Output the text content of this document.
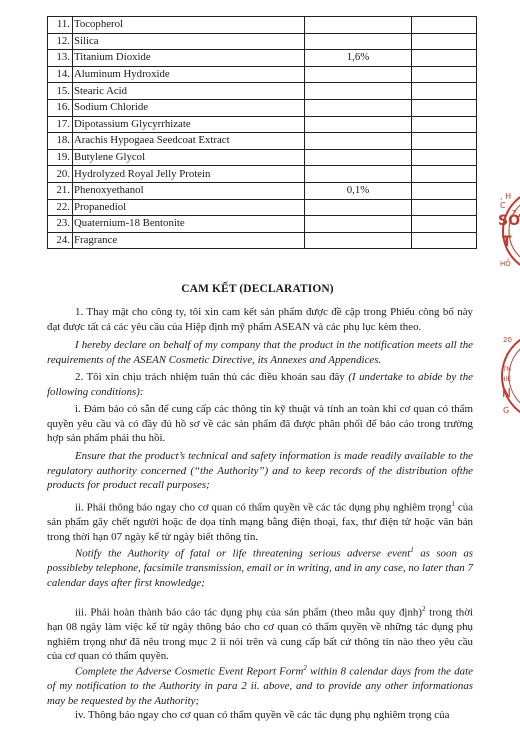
11.	Tocopherol		
12.	Silica		
13.	Titanium Dioxide	1,6%	
14.	Aluminum Hydroxide		
15.	Stearic Acid		
16.	Sodium Chloride		
17.	Dipotassium Glycyrrhizate		
18.	Arachis Hypogaea Seedcoat Extract		
19.	Butylene Glycol		
20.	Hydrolyzed Royal Jelly Protein		
21.	Phenoxyethanol	0,1%	
22.	Propanediol		
23.	Quaternium-18 Bentonite		
24.	Fragrance		
CAM KẾT (DECLARATION)
1. Thay mặt cho công ty, tôi xin cam kết sản phẩm được đề cập trong Phiếu công bố này đạt được tất cả các yêu cầu của Hiệp định mỹ phẩm ASEAN và các phụ lục kèm theo.
I hereby declare on behalf of my company that the product in the notification meets all the requirements of the ASEAN Cosmetic Directive, its Annexes and Appendices.
2. Tôi xin chịu trách nhiệm tuân thủ các điều khoản sau đây (I undertake to abide by the following conditions):
i. Đảm bảo có sẵn để cung cấp các thông tin kỹ thuật và tính an toàn khi cơ quan có thẩm quyền yêu cầu và có đầy đủ hồ sơ về các sản phẩm đã được phân phối để báo cáo trong trường hợp sản phẩm phải thu hồi.
Ensure that the product’s technical and safety information is made readily available to the regulatory authority concerned (“the Authority”) and to keep records of the distribution ofthe products for product recall purposes;
ii. Phải thông báo ngay cho cơ quan có thẩm quyền về các tác dụng phụ nghiêm trọng$^1$ của sản phẩm gây chết người hoặc đe dọa tính mạng bằng điện thoại, fax, thư điện tử hoặc văn bản trong thời hạn 07 ngày kể từ ngày biết thông tin.
Notify the Authority of fatal or life threatening serious adverse event$^1$ as soon as possibleby telephone, facsimile transmission, email or in writing, and in any case, no later than 7 calendar days after first knowledge;
iii. Phải hoàn thành báo cáo tác dụng phụ của sản phẩm (theo mẫu quy định)$^2$ trong thời hạn 08 ngày làm việc kể từ ngày thông báo cho cơ quan có thẩm quyền về những tác dụng phụ nghiêm trọng như đã nêu trong mục 2 ii nói trên và cung cấp bất cứ thông tin nào theo yêu cầu của cơ quan có thẩm quyền.
Complete the Adverse Cosmetic Event Report Form$^2$ within 8 calendar days from the date of my notification to the Authority in para 2 ii. above, and to provide any other informationas may be requested by the Authority;
iv. Thông báo ngay cho cơ quan có thẩm quyền về các tác dụng phụ nghiêm trọng của
, H C
SỞ
T
HỒ
20
TN
HIỆ
N
G
